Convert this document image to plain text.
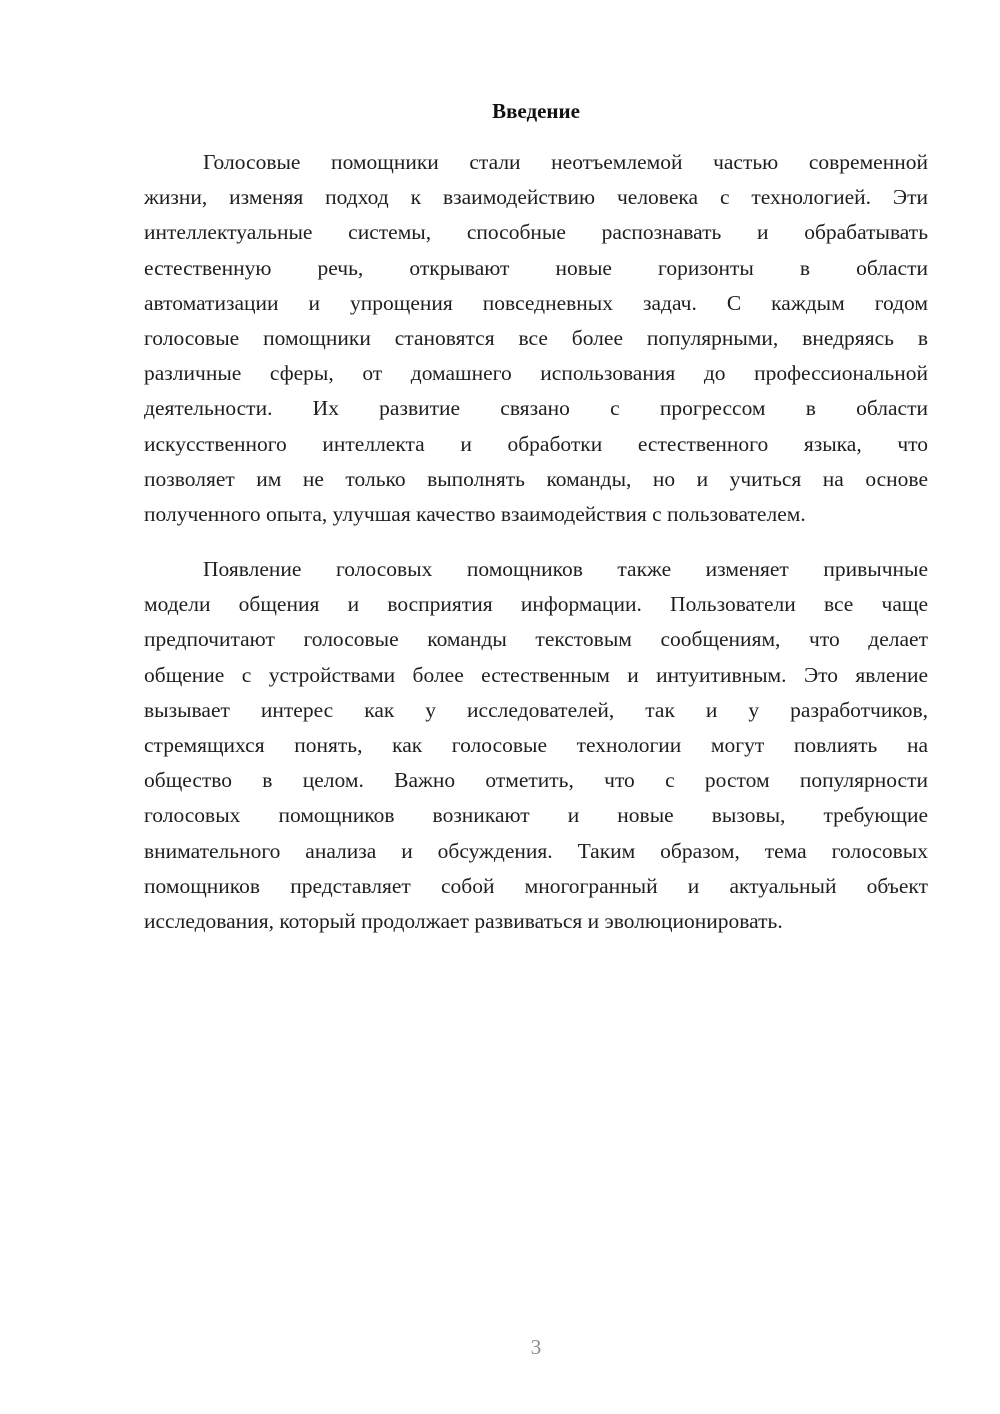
Введение
Голосовые помощники стали неотъемлемой частью современной
жизни, изменяя подход к взаимодействию человека с технологией. Эти
интеллектуальные системы, способные распознавать и обрабатывать
естественную речь, открывают новые горизонты в области
автоматизации и упрощения повседневных задач. С каждым годом
голосовые помощники становятся все более популярными, внедряясь в
различные сферы, от домашнего использования до профессиональной
деятельности. Их развитие связано с прогрессом в области
искусственного интеллекта и обработки естественного языка, что
позволяет им не только выполнять команды, но и учиться на основе
полученного опыта, улучшая качество взаимодействия с пользователем.
Появление голосовых помощников также изменяет привычные
модели общения и восприятия информации. Пользователи все чаще
предпочитают голосовые команды текстовым сообщениям, что делает
общение с устройствами более естественным и интуитивным. Это явление
вызывает интерес как у исследователей, так и у разработчиков,
стремящихся понять, как голосовые технологии могут повлиять на
общество в целом. Важно отметить, что с ростом популярности
голосовых помощников возникают и новые вызовы, требующие
внимательного анализа и обсуждения. Таким образом, тема голосовых
помощников представляет собой многогранный и актуальный объект
исследования, который продолжает развиваться и эволюционировать.
3
